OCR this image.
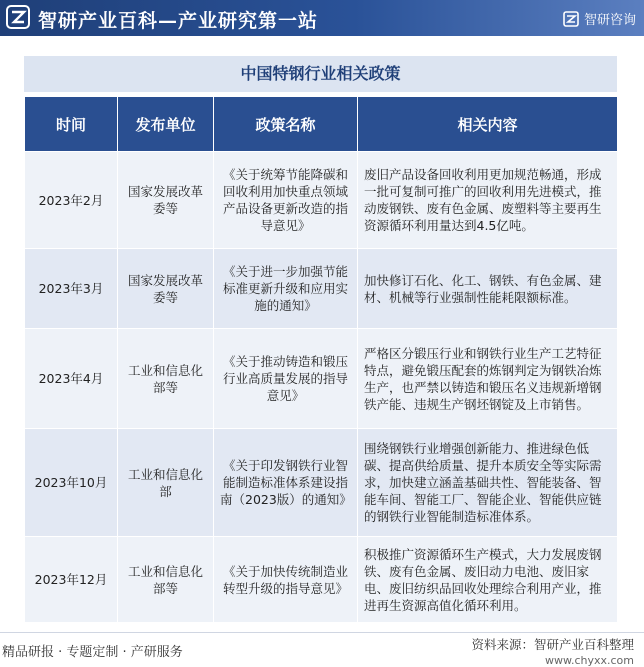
智研产业百科—产业研究第一站	智研咨询
中国特钢行业相关政策
时间	发布单位	政策名称	相关内容
2023年2月	国家发展改革委等	《关于统筹节能降碳和回收利用加快重点领域产品设备更新改造的指导意见》	废旧产品设备回收利用更加规范畅通，形成一批可复制可推广的回收利用先进模式，推动废钢铁、废有色金属、废塑料等主要再生资源循环利用量达到4.5亿吨。
2023年3月	国家发展改革委等	《关于进一步加强节能标准更新升级和应用实施的通知》	加快修订石化、化工、钢铁、有色金属、建材、机械等行业强制性能耗限额标准。
2023年4月	工业和信息化部等	《关于推动铸造和锻压行业高质量发展的指导意见》	严格区分锻压行业和钢铁行业生产工艺特征特点，避免锻压配套的炼钢判定为钢铁冶炼生产，也严禁以铸造和锻压名义违规新增钢铁产能、违规生产钢坯钢锭及上市销售。
2023年10月	工业和信息化部	《关于印发钢铁行业智能制造标准体系建设指南（2023版）的通知》	围绕钢铁行业增强创新能力、推进绿色低碳、提高供给质量、提升本质安全等实际需求，加快建立涵盖基础共性、智能装备、智能车间、智能工厂、智能企业、智能供应链的钢铁行业智能制造标准体系。
2023年12月	工业和信息化部等	《关于加快传统制造业转型升级的指导意见》	积极推广资源循环生产模式，大力发展废钢铁、废有色金属、废旧动力电池、废旧家电、废旧纺织品回收处理综合利用产业，推进再生资源高值化循环利用。
精品研报 · 专题定制 · 产研服务
资料来源：智研产业百科整理
www.chyxx.com
